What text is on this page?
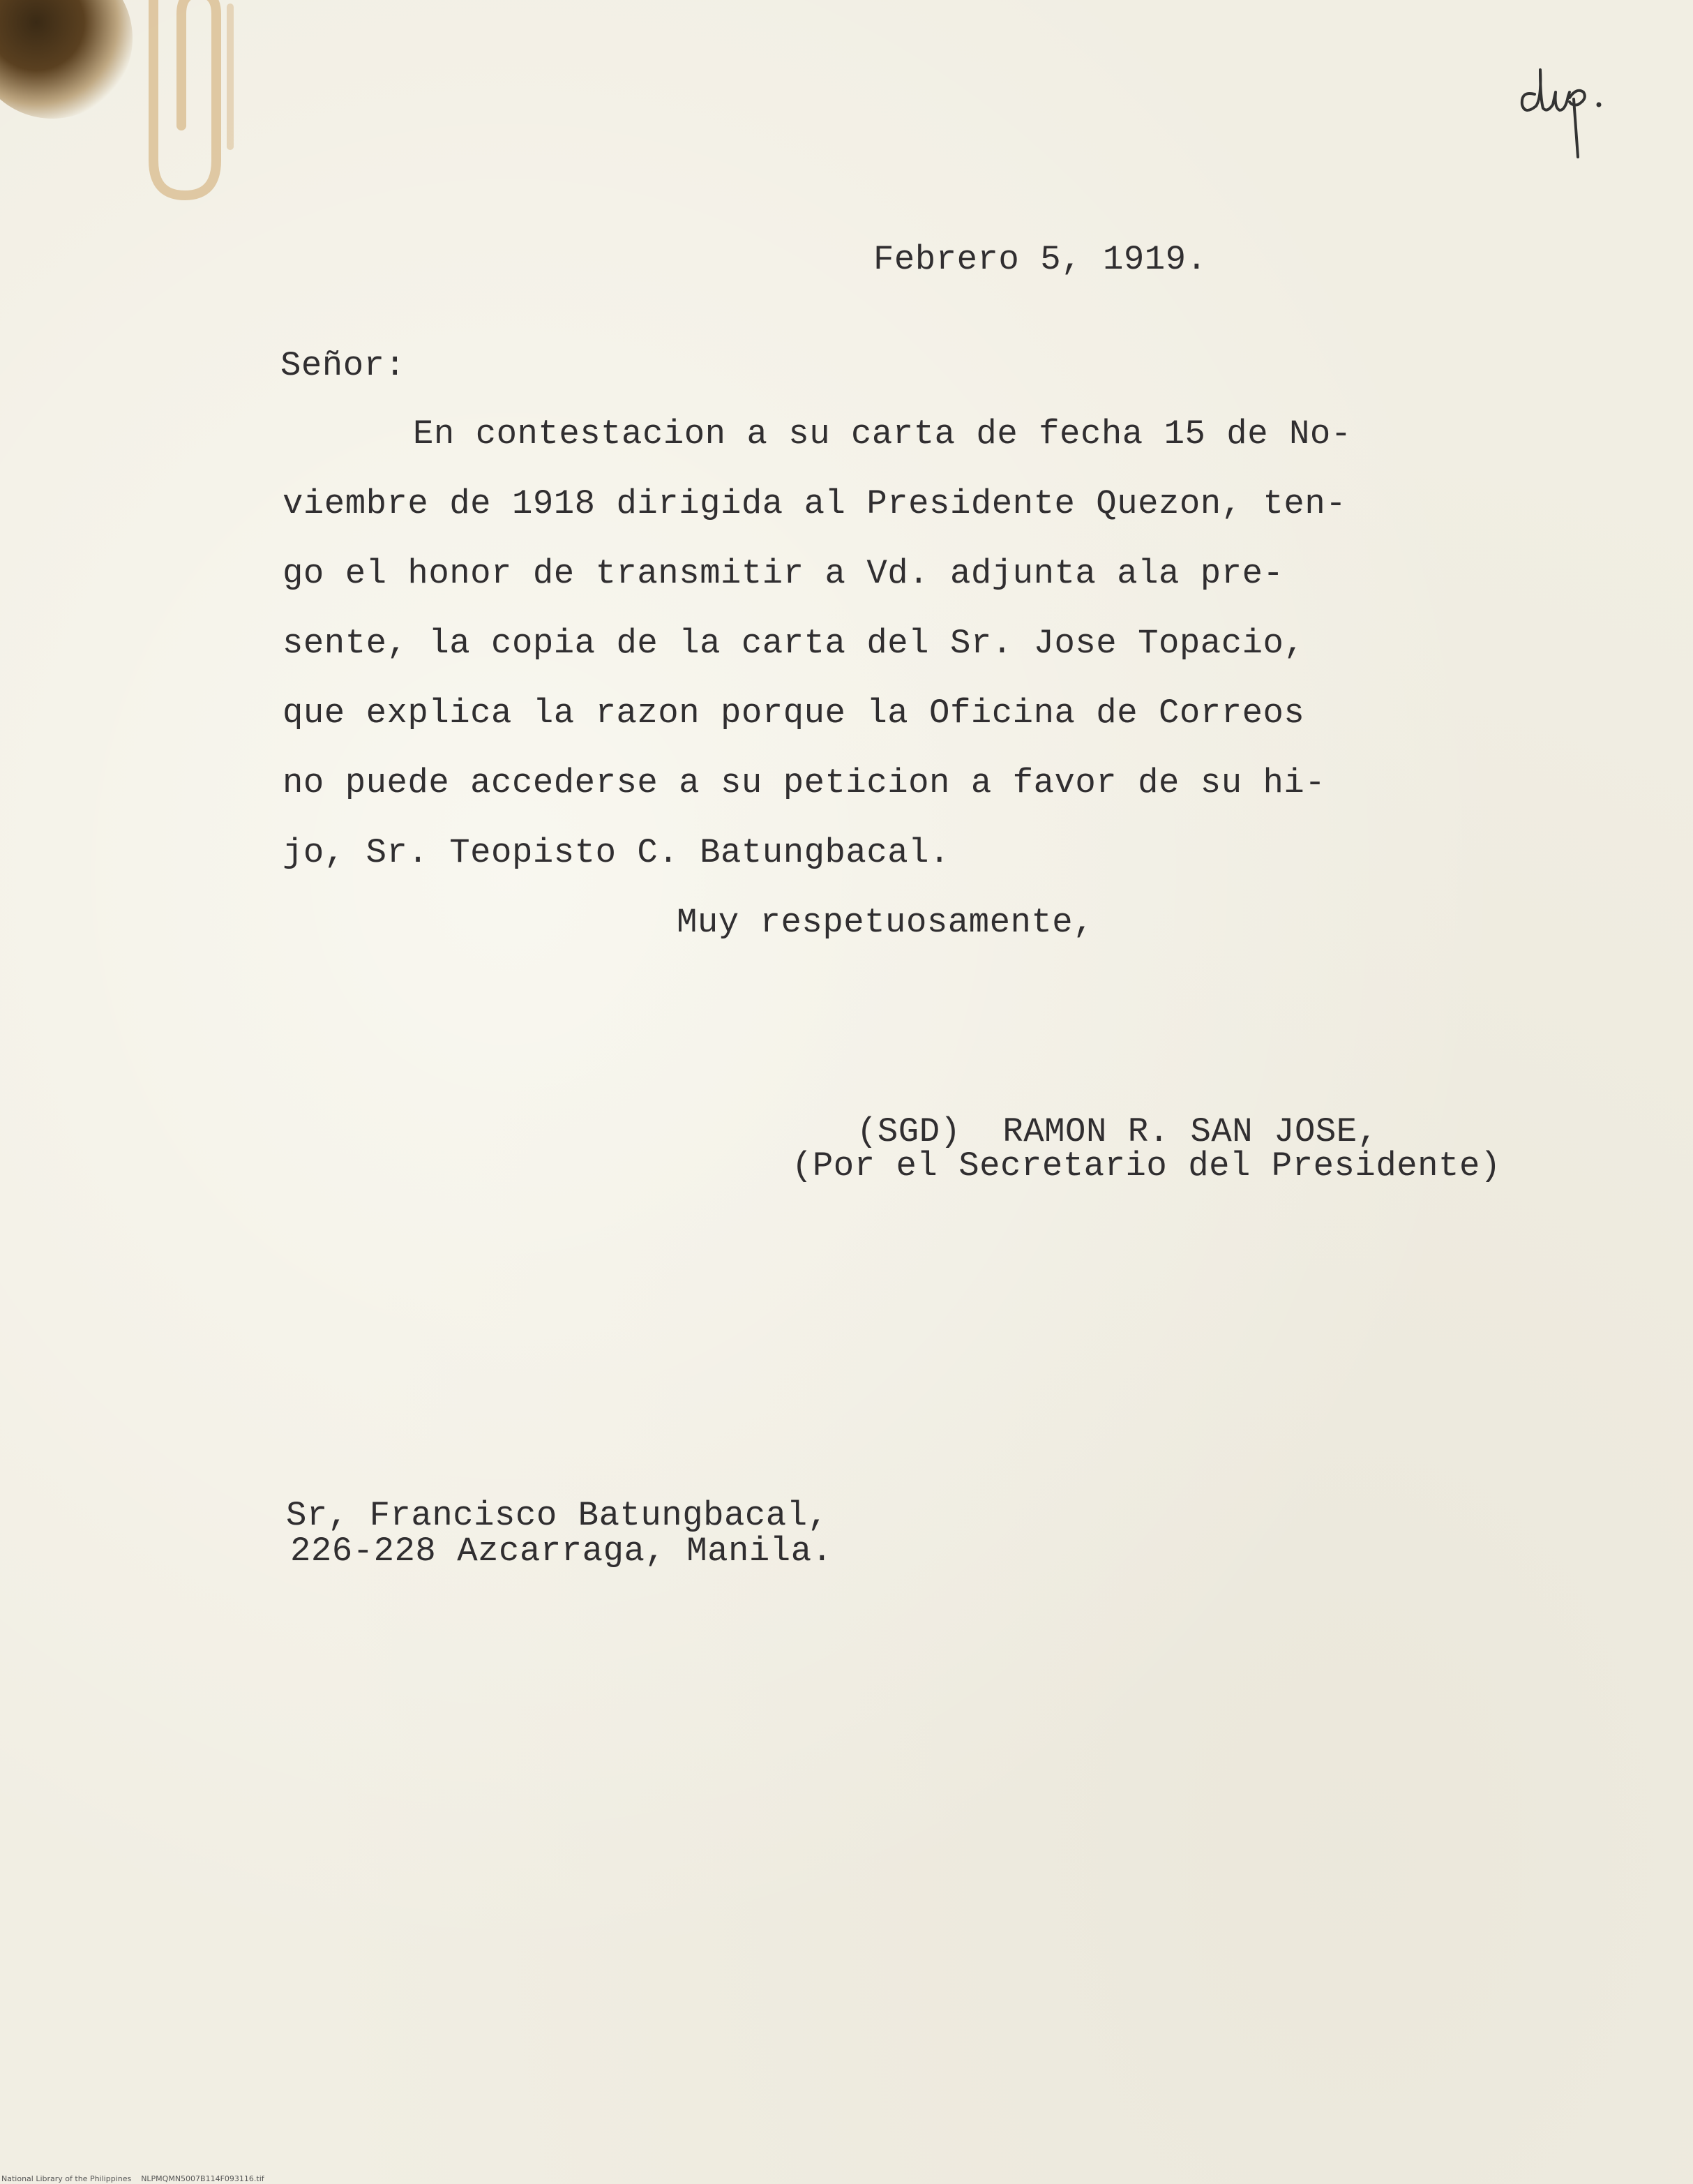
Febrero 5, 1919.
Señor:
En contestacion a su carta de fecha 15 de No-
viembre de 1918 dirigida al Presidente Quezon, ten-
go el honor de transmitir a Vd. adjunta ala pre-
sente, la copia de la carta del Sr. Jose Topacio,
que explica la razon porque la Oficina de Correos
no puede accederse a su peticion a favor de su hi-
jo, Sr. Teopisto C. Batungbacal.
Muy respetuosamente,
(SGD)  RAMON R. SAN JOSE,
(Por el Secretario del Presidente)
Sr, Francisco Batungbacal,
226-228 Azcarraga, Manila.
National Library of the Philippines    NLPMQMN5007B114F093116.tif
